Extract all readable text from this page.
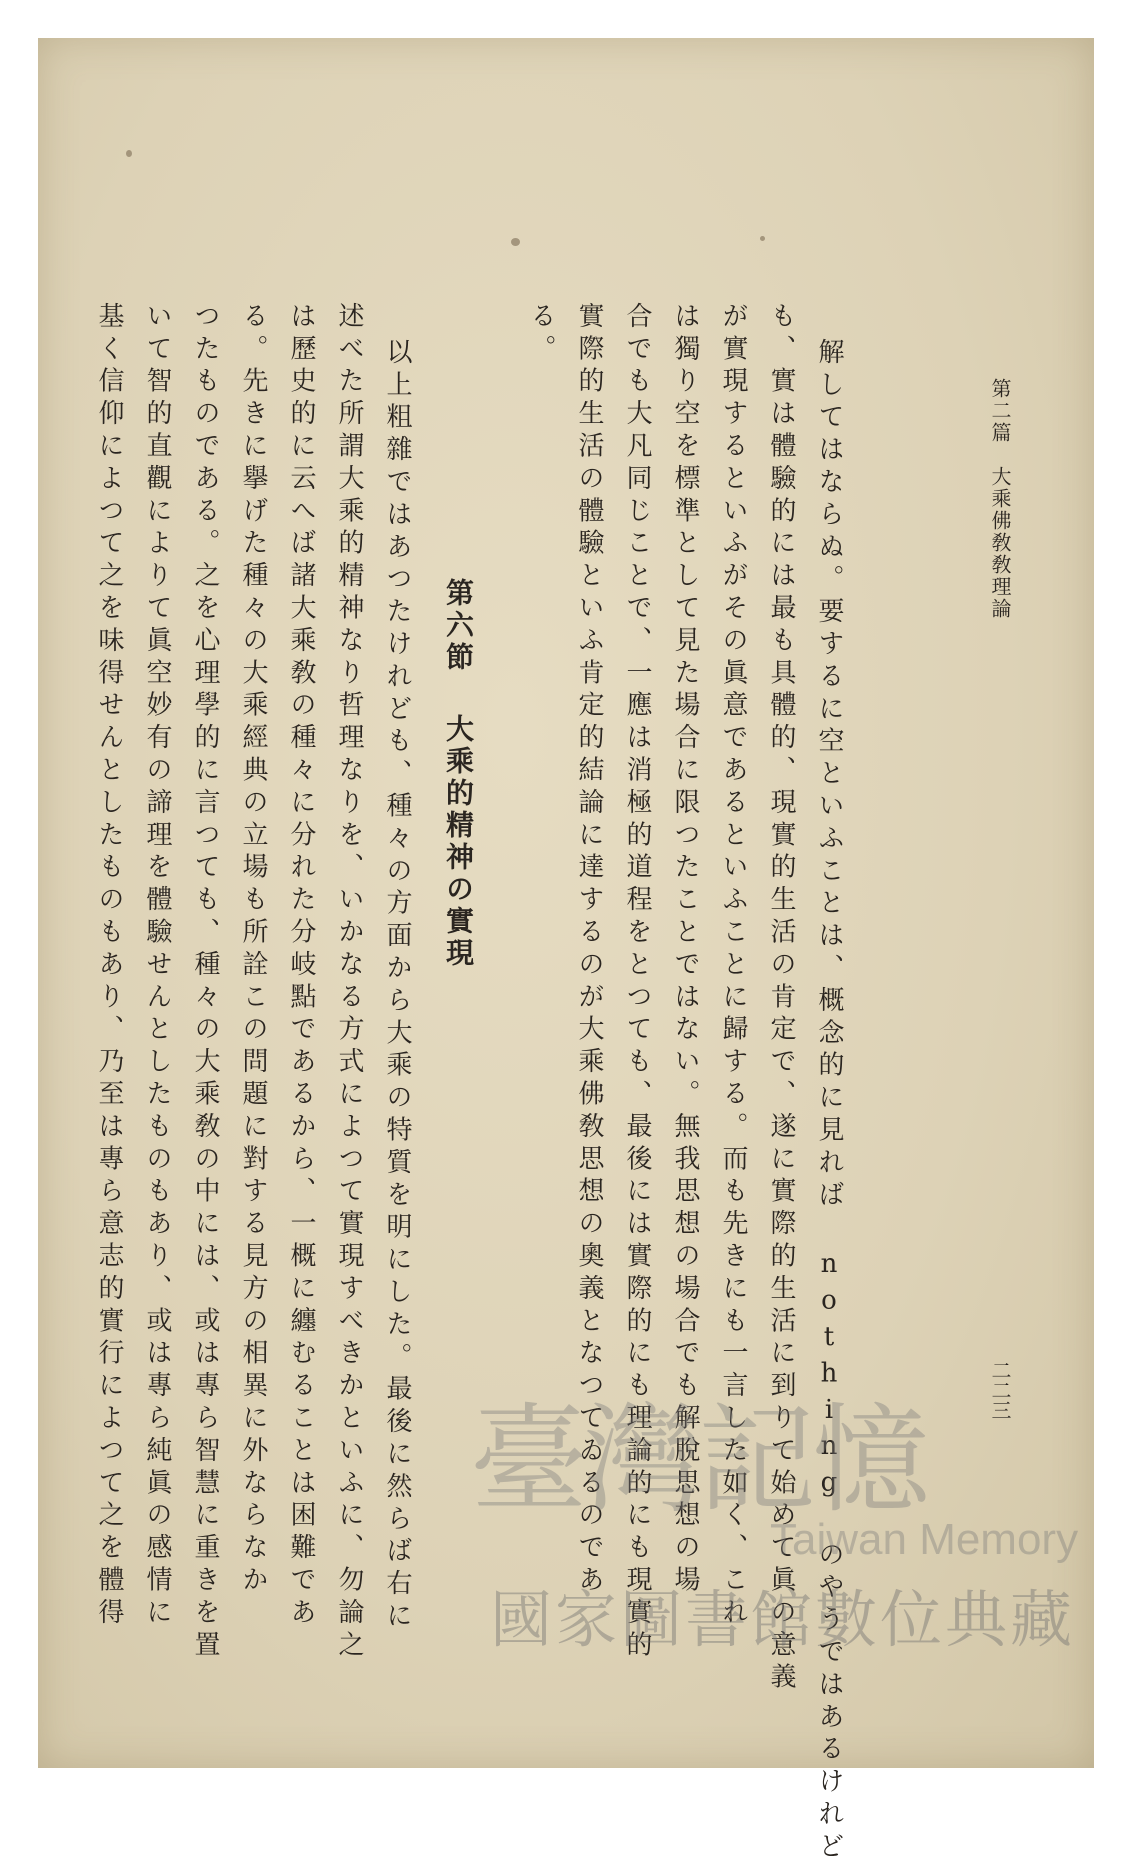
第二篇　大乘佛敎敎理論
二二三
解してはならぬ。要するに空といふことは、概念的に見れば nothing のやうではあるけれど
も、實は體驗的には最も具體的、現實的生活の肯定で、遂に實際的生活に到りて始めて眞の意義
が實現するといふがその眞意であるといふことに歸する。而も先きにも一言した如く、これ
は獨り空を標準として見た場合に限つたことではない。無我思想の場合でも解脫思想の場
合でも大凡同じことで、一應は消極的道程をとつても、最後には實際的にも理論的にも現實的
實際的生活の體驗といふ肯定的結論に達するのが大乘佛敎思想の奧義となつてゐるのであ
る。
第六節大乘的精神の實現
以上粗雜ではあつたけれども、種々の方面から大乘の特質を明にした。最後に然らば右に
述べた所謂大乘的精神なり哲理なりを、いかなる方式によつて實現すべきかといふに、勿論之
は歷史的に云へば諸大乘敎の種々に分れた分岐點であるから、一概に纏むることは困難であ
る。先きに擧げた種々の大乘經典の立場も所詮この問題に對する見方の相異に外ならなか
つたものである。之を心理學的に言つても、種々の大乘敎の中には、或は專ら智慧に重きを置
いて智的直觀によりて眞空妙有の諦理を體驗せんとしたものもあり、或は專ら純眞の感情に
基く信仰によつて之を味得せんとしたものもあり、乃至は專ら意志的實行によつて之を體得	臺灣記憶
Taiwan Memory
國家圖書館數位典藏
